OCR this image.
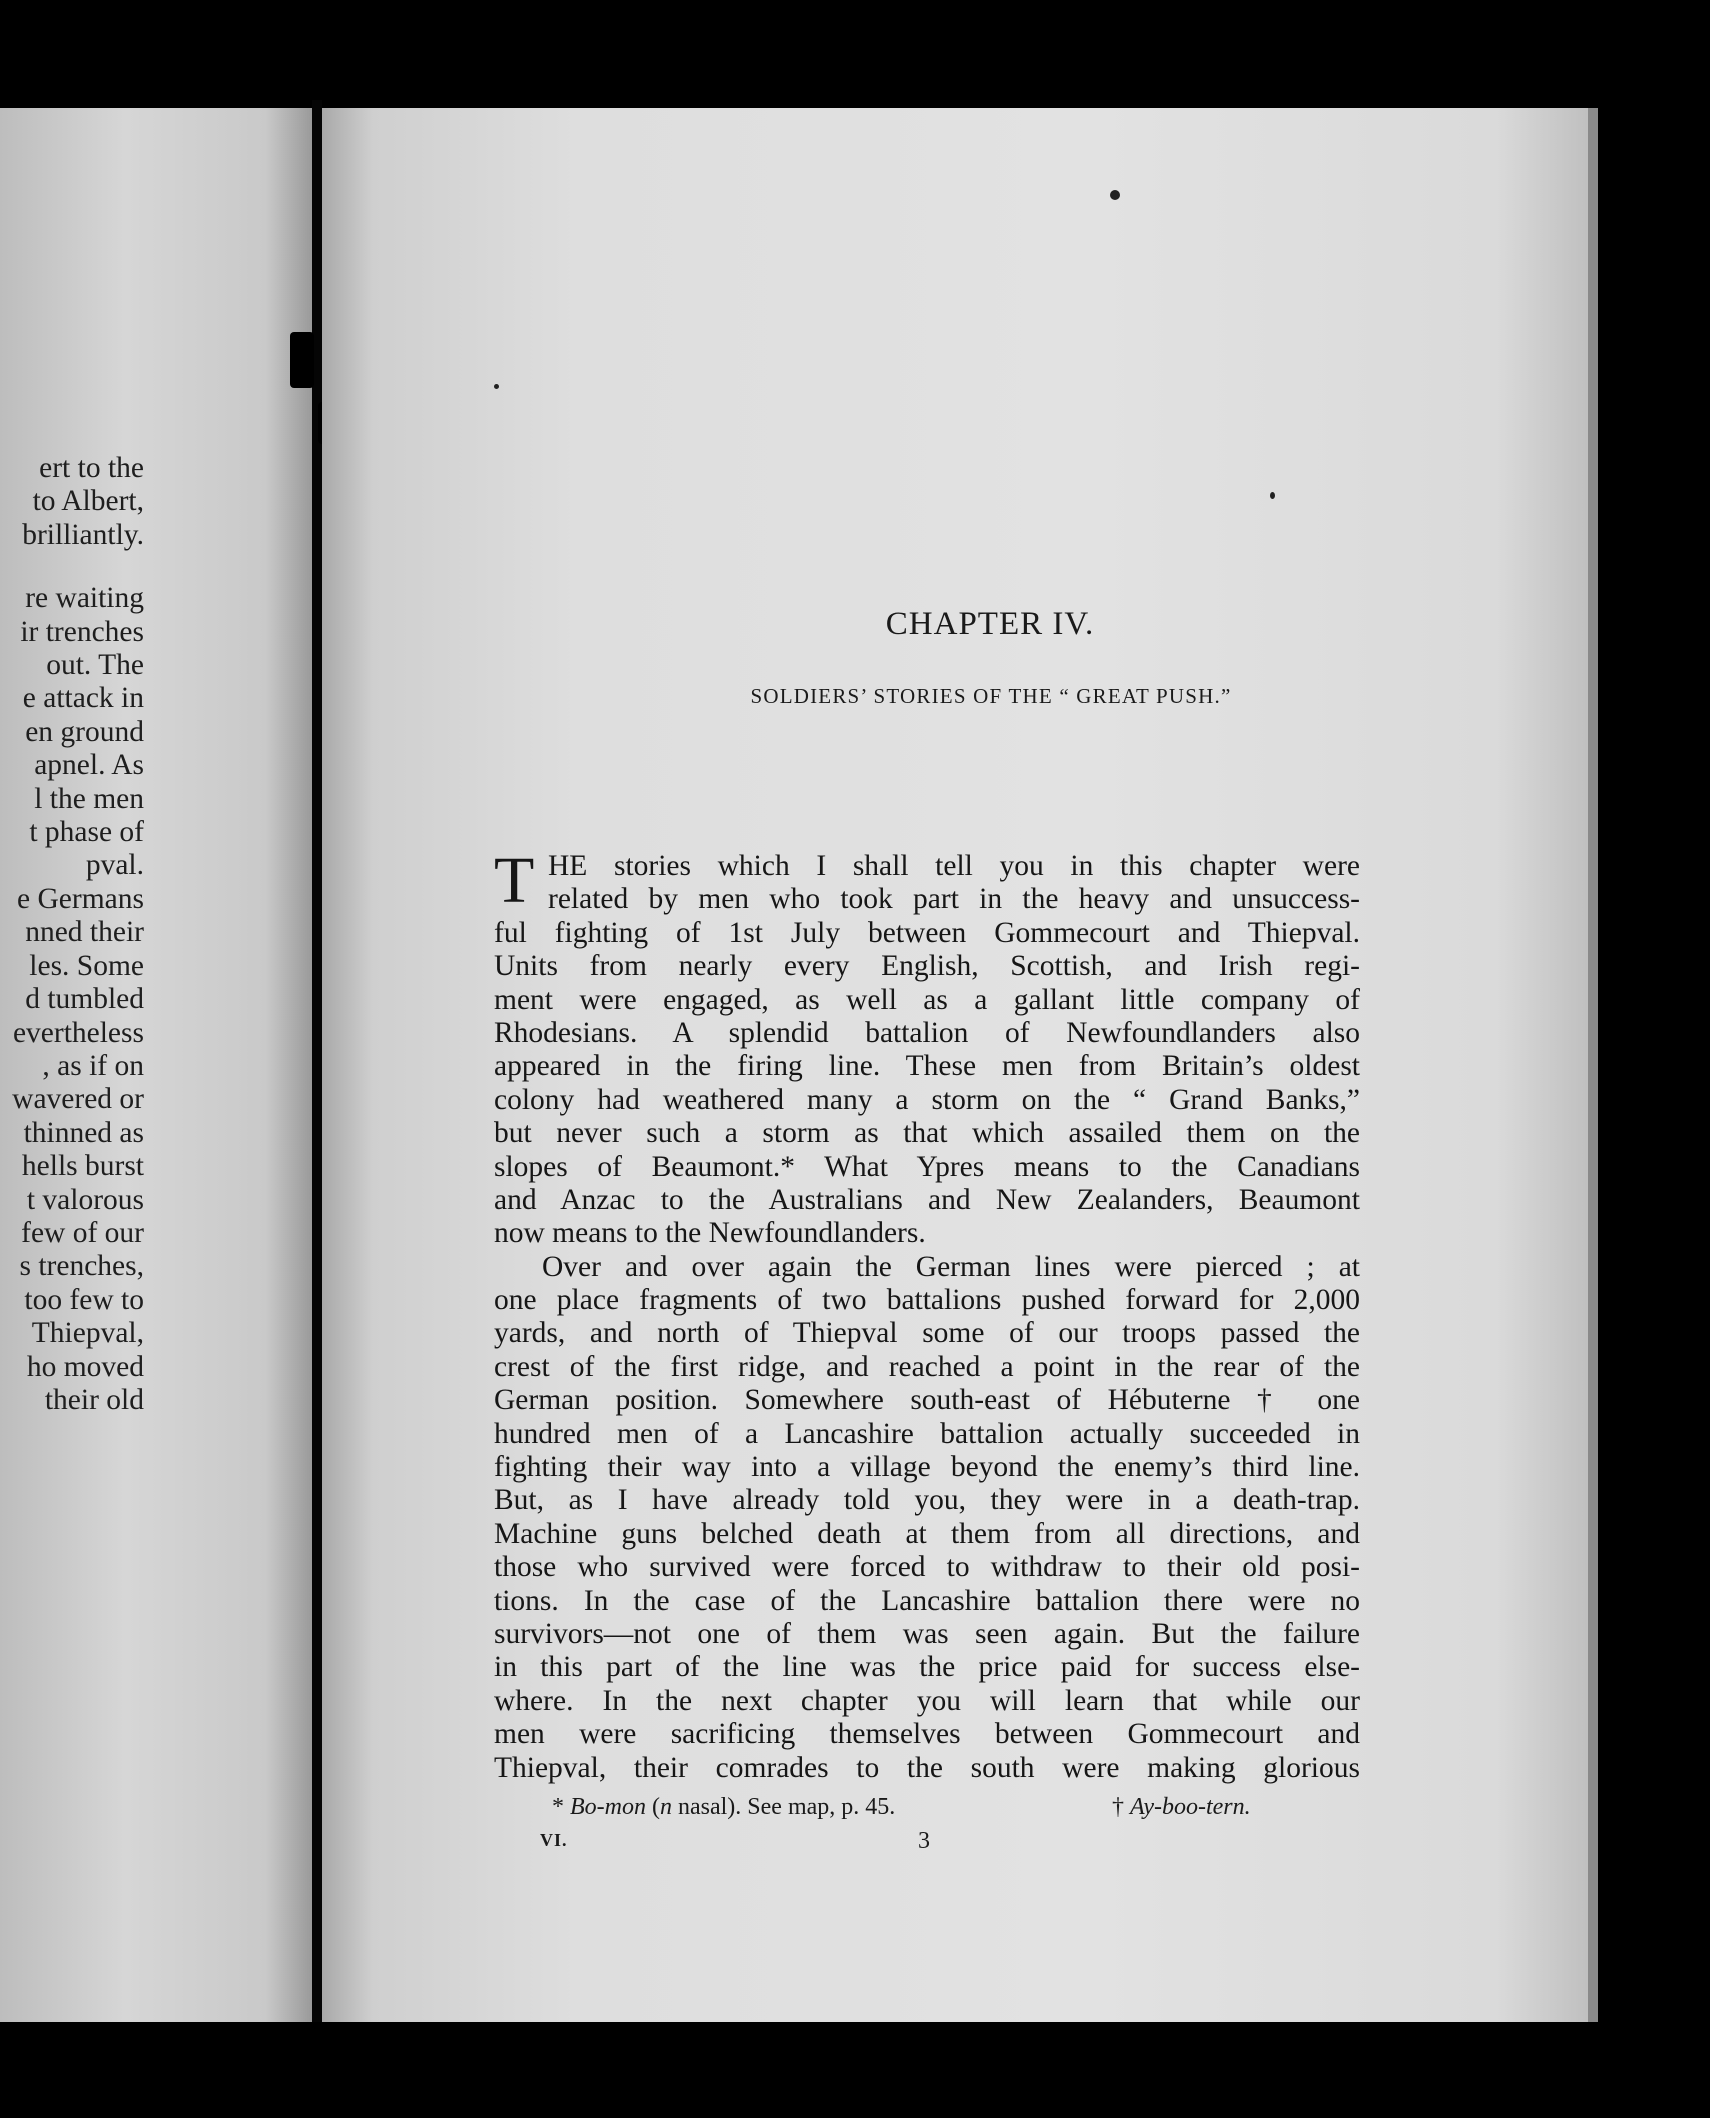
ert to the
to Albert,
brilliantly.
re waiting
ir trenches
out. The
e attack in
en ground
apnel. As
l the men
t phase of
pval.
e Germans
nned their
les. Some
d tumbled
evertheless
, as if on
wavered or
thinned as
hells burst
t valorous
few of our
s trenches,
too few to
Thiepval,
ho moved
their old
CHAPTER IV.
SOLDIERS’ STORIES OF THE “ GREAT PUSH.”
T HE stories which I shall tell you in this chapter were
related by men who took part in the heavy and unsuccess-
ful fighting of 1st July between Gommecourt and Thiepval.
Units from nearly every English, Scottish, and Irish regi-
ment were engaged, as well as a gallant little company of
Rhodesians. A splendid battalion of Newfoundlanders also
appeared in the firing line. These men from Britain’s oldest
colony had weathered many a storm on the “ Grand Banks,”
but never such a storm as that which assailed them on the
slopes of Beaumont.* What Ypres means to the Canadians
and Anzac to the Australians and New Zealanders, Beaumont
now means to the Newfoundlanders.
Over and over again the German lines were pierced ; at
one place fragments of two battalions pushed forward for 2,000
yards, and north of Thiepval some of our troops passed the
crest of the first ridge, and reached a point in the rear of the
German position. Somewhere south-east of Hébuterne † one
hundred men of a Lancashire battalion actually succeeded in
fighting their way into a village beyond the enemy’s third line.
But, as I have already told you, they were in a death-trap.
Machine guns belched death at them from all directions, and
those who survived were forced to withdraw to their old posi-
tions. In the case of the Lancashire battalion there were no
survivors—not one of them was seen again. But the failure
in this part of the line was the price paid for success else-
where. In the next chapter you will learn that while our
men were sacrificing themselves between Gommecourt and
Thiepval, their comrades to the south were making glorious
* Bo-mon (n nasal). See map, p. 45.	† Ay-boo-tern.
VI.	3
